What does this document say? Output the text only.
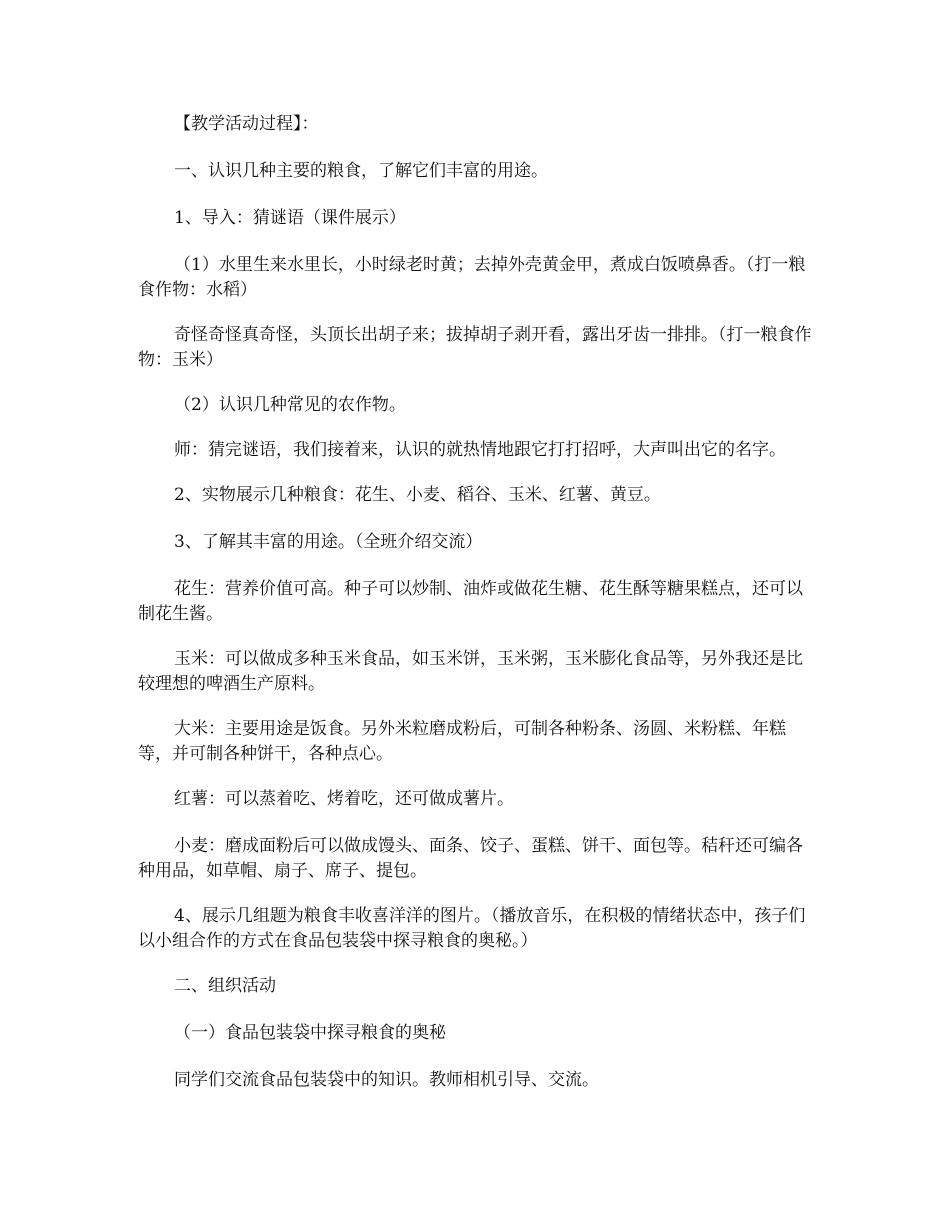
【教学活动过程】：

一、认识几种主要的粮食，了解它们丰富的用途。

1、导入：猜谜语（课件展示）

（1）水里生来水里长，小时绿老时黄；去掉外壳黄金甲，煮成白饭喷鼻香。（打一粮食作物：水稻）

奇怪奇怪真奇怪，头顶长出胡子来；拔掉胡子剥开看，露出牙齿一排排。（打一粮食作物：玉米）

（2）认识几种常见的农作物。

师：猜完谜语，我们接着来，认识的就热情地跟它打打招呼，大声叫出它的名字。

2、实物展示几种粮食：花生、小麦、稻谷、玉米、红薯、黄豆。

3、了解其丰富的用途。（全班介绍交流）

花生：营养价值可高。种子可以炒制、油炸或做花生糖、花生酥等糖果糕点，还可以制花生酱。

玉米：可以做成多种玉米食品，如玉米饼，玉米粥，玉米膨化食品等，另外我还是比较理想的啤酒生产原料。

大米：主要用途是饭食。另外米粒磨成粉后，可制各种粉条、汤圆、米粉糕、年糕等，并可制各种饼干，各种点心。

红薯：可以蒸着吃、烤着吃，还可做成薯片。

小麦：磨成面粉后可以做成馒头、面条、饺子、蛋糕、饼干、面包等。秸秆还可编各种用品，如草帽、扇子、席子、提包。

4、展示几组题为粮食丰收喜洋洋的图片。（播放音乐，在积极的情绪状态中，孩子们以小组合作的方式在食品包装袋中探寻粮食的奥秘。）

二、组织活动

（一）食品包装袋中探寻粮食的奥秘

同学们交流食品包装袋中的知识。教师相机引导、交流。
